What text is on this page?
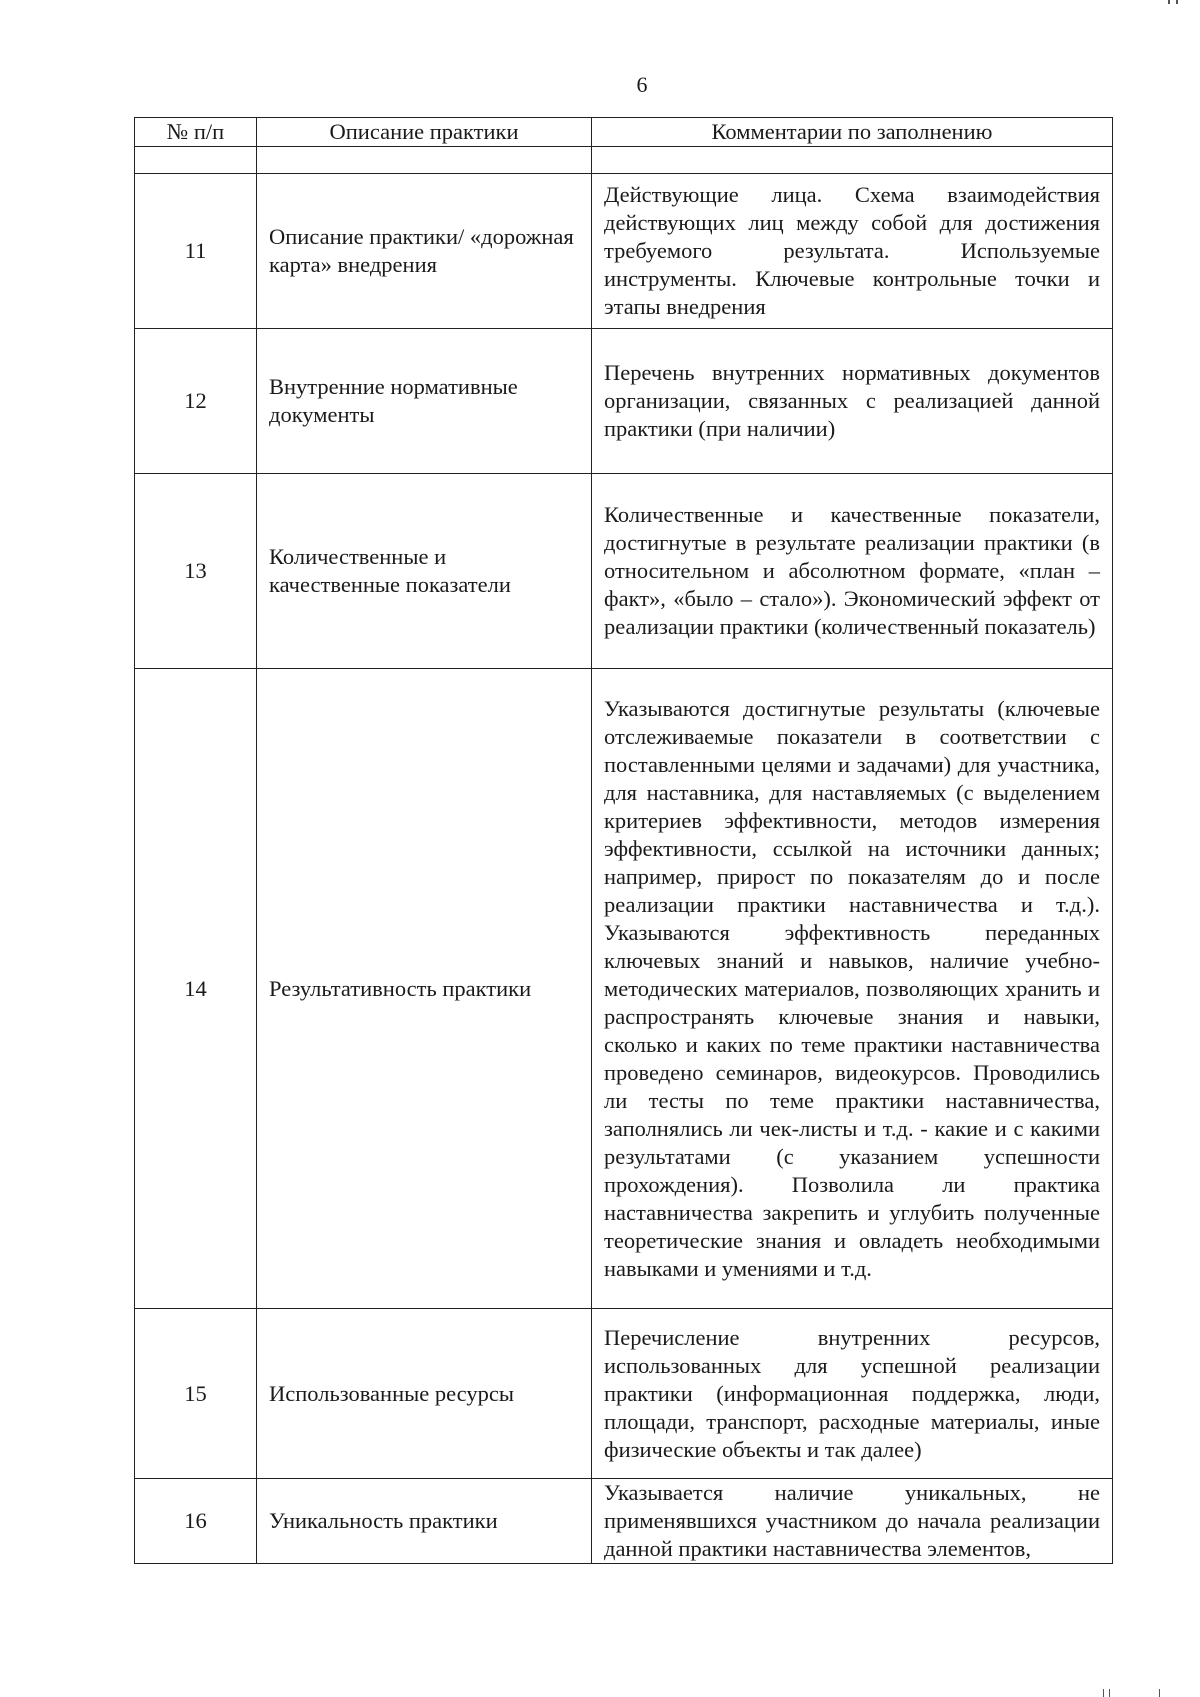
6
№ п/п	Описание практики	Комментарии по заполнению

11	Описание практики/ «дорожная карта» внедрения	Действующие лица. Схема взаимодействия действующих лиц между собой для достижения требуемого результата. Используемые инструменты. Ключевые контрольные точки и этапы внедрения
12	Внутренние нормативные документы	Перечень внутренних нормативных документов организации, связанных с реализацией данной практики (при наличии)
13	Количественные и качественные показатели	Количественные и качественные показатели, достигнутые в результате реализации практики (в относительном и абсолютном формате, «план – факт», «было – стало»). Экономический эффект от реализации практики (количественный показатель)
14	Результативность практики	Указываются достигнутые результаты (ключевые отслеживаемые показатели в соответствии с поставленными целями и задачами) для участника, для наставника, для наставляемых (с выделением критериев эффективности, методов измерения эффективности, ссылкой на источники данных; например, прирост по показателям до и после реализации практики наставничества и т.д.). Указываются эффективность переданных ключевых знаний и навыков, наличие учебно-методических материалов, позволяющих хранить и распространять ключевые знания и навыки, сколько и каких по теме практики наставничества проведено семинаров, видеокурсов. Проводились ли тесты по теме практики наставничества, заполнялись ли чек-листы и т.д. - какие и с какими результатами (с указанием успешности прохождения). Позволила ли практика наставничества закрепить и углубить полученные теоретические знания и овладеть необходимыми навыками и умениями и т.д.
15	Использованные ресурсы	Перечисление внутренних ресурсов, использованных для успешной реализации практики (информационная поддержка, люди, площади, транспорт, расходные материалы, иные физические объекты и так далее)
16	Уникальность практики	Указывается наличие уникальных, не применявшихся участником до начала реализации данной практики наставничества элементов,
